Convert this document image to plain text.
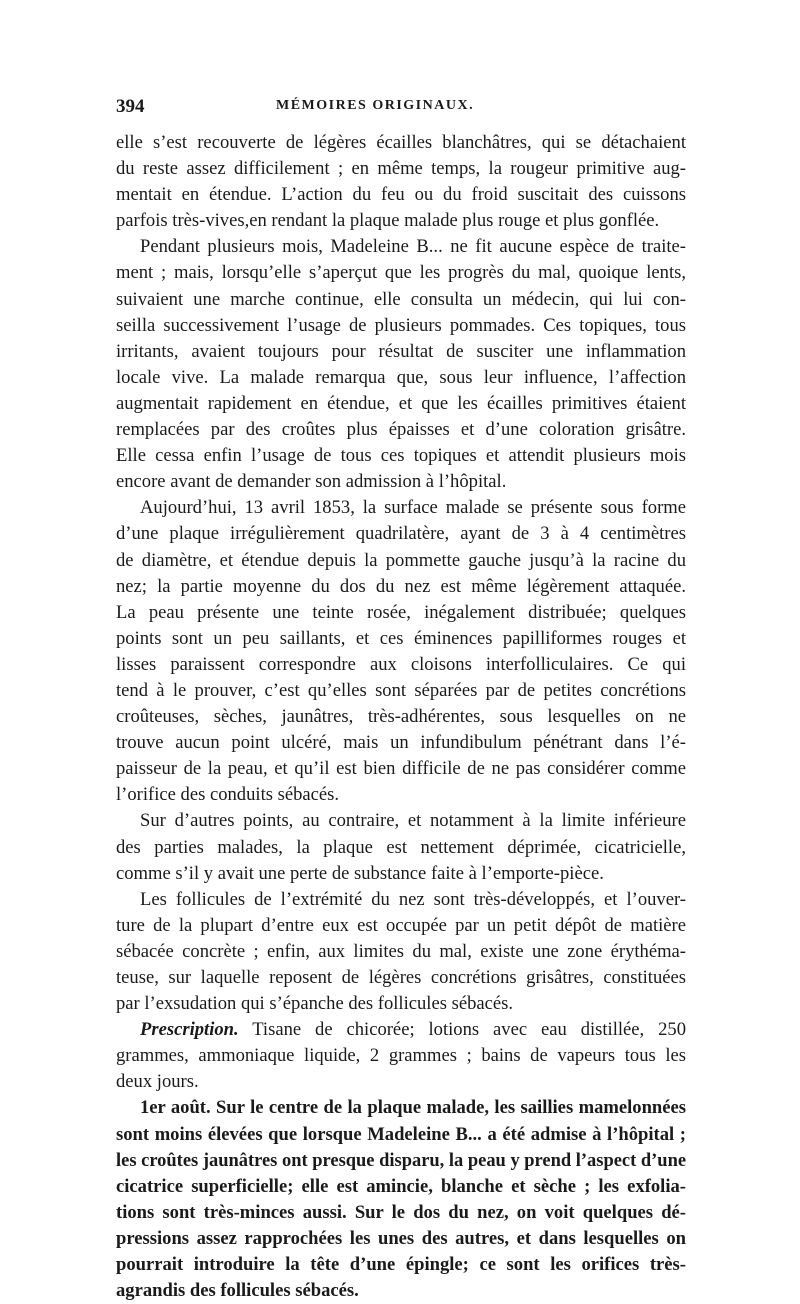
394	MÉMOIRES ORIGINAUX.
elle s’est recouverte de légères écailles blanchâtres, qui se détachaient
du reste assez difficilement ; en même temps, la rougeur primitive aug-
mentait en étendue. L’action du feu ou du froid suscitait des cuissons
parfois très-vives,en rendant la plaque malade plus rouge et plus gonflée.
Pendant plusieurs mois, Madeleine B... ne fit aucune espèce de traite-
ment ; mais, lorsqu’elle s’aperçut que les progrès du mal, quoique lents,
suivaient une marche continue, elle consulta un médecin, qui lui con-
seilla successivement l’usage de plusieurs pommades. Ces topiques, tous
irritants, avaient toujours pour résultat de susciter une inflammation
locale vive. La malade remarqua que, sous leur influence, l’affection
augmentait rapidement en étendue, et que les écailles primitives étaient
remplacées par des croûtes plus épaisses et d’une coloration grisâtre.
Elle cessa enfin l’usage de tous ces topiques et attendit plusieurs mois
encore avant de demander son admission à l’hôpital.
Aujourd’hui, 13 avril 1853, la surface malade se présente sous forme
d’une plaque irrégulièrement quadrilatère, ayant de 3 à 4 centimètres
de diamètre, et étendue depuis la pommette gauche jusqu’à la racine du
nez; la partie moyenne du dos du nez est même légèrement attaquée.
La peau présente une teinte rosée, inégalement distribuée; quelques
points sont un peu saillants, et ces éminences papilliformes rouges et
lisses paraissent correspondre aux cloisons interfolliculaires. Ce qui
tend à le prouver, c’est qu’elles sont séparées par de petites concrétions
croûteuses, sèches, jaunâtres, très-adhérentes, sous lesquelles on ne
trouve aucun point ulcéré, mais un infundibulum pénétrant dans l’é-
paisseur de la peau, et qu’il est bien difficile de ne pas considérer comme
l’orifice des conduits sébacés.
Sur d’autres points, au contraire, et notamment à la limite inférieure
des parties malades, la plaque est nettement déprimée, cicatricielle,
comme s’il y avait une perte de substance faite à l’emporte-pièce.
Les follicules de l’extrémité du nez sont très-développés, et l’ouver-
ture de la plupart d’entre eux est occupée par un petit dépôt de matière
sébacée concrète ; enfin, aux limites du mal, existe une zone érythéma-
teuse, sur laquelle reposent de légères concrétions grisâtres, constituées
par l’exsudation qui s’épanche des follicules sébacés.
Prescription. Tisane de chicorée; lotions avec eau distillée, 250
grammes, ammoniaque liquide, 2 grammes ; bains de vapeurs tous les
deux jours.
1er août. Sur le centre de la plaque malade, les saillies mamelonnées
sont moins élevées que lorsque Madeleine B... a été admise à l’hôpital ;
les croûtes jaunâtres ont presque disparu, la peau y prend l’aspect d’une
cicatrice superficielle; elle est amincie, blanche et sèche ; les exfolia-
tions sont très-minces aussi. Sur le dos du nez, on voit quelques dé-
pressions assez rapprochées les unes des autres, et dans lesquelles on
pourrait introduire la tête d’une épingle; ce sont les orifices très-
agrandis des follicules sébacés.
